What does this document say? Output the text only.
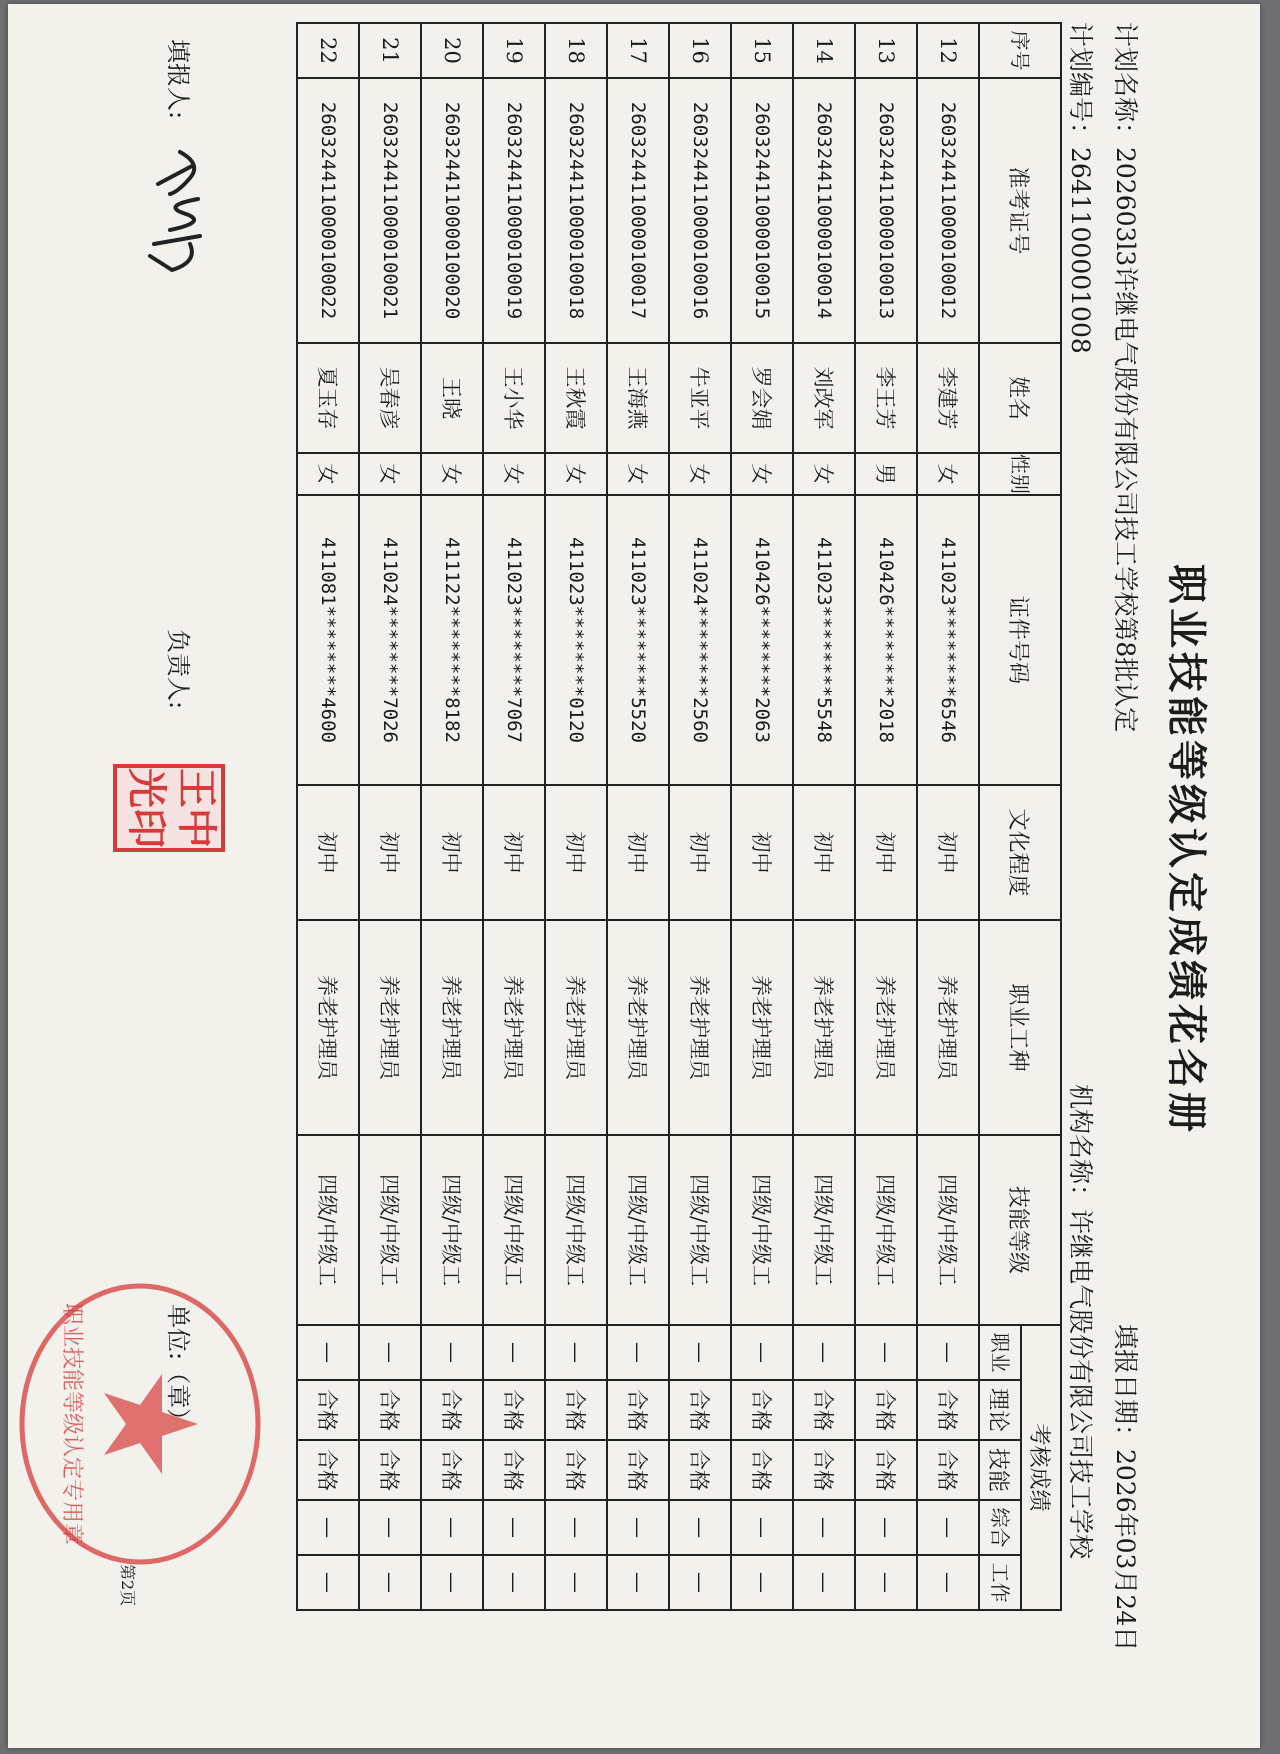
职业技能等级认定成绩花名册
计划名称：202603l3许继电气股份有限公司技工学校第8批认定
计划编号：2641100001008
填报日期：2026年03月24日
机构名称：许继电气股份有限公司技工学校
序号	准考证号	姓名	性别	证件号码	文化程度	职业工种	技能等级	考核成绩				
								职业	理论	技能	综合	工作
12	2603244110000100012	李建芳	女	411023********6546	初中	养老护理员	四级/中级工	—	合格	合格	—	—
13	2603244110000100013	李王芳	男	410426********2018	初中	养老护理员	四级/中级工	—	合格	合格	—	—
14	2603244110000100014	刘改军	女	411023********5548	初中	养老护理员	四级/中级工	—	合格	合格	—	—
15	2603244110000100015	罗会娟	女	410426********2063	初中	养老护理员	四级/中级工	—	合格	合格	—	—
16	2603244110000100016	牛亚平	女	411024********2560	初中	养老护理员	四级/中级工	—	合格	合格	—	—
17	2603244110000100017	王海燕	女	411023********5520	初中	养老护理员	四级/中级工	—	合格	合格	—	—
18	2603244110000100018	王秋霞	女	411023********0120	初中	养老护理员	四级/中级工	—	合格	合格	—	—
19	2603244110000100019	王小华	女	411023********7067	初中	养老护理员	四级/中级工	—	合格	合格	—	—
20	2603244110000100020	王晓	女	411122********8182	初中	养老护理员	四级/中级工	—	合格	合格	—	—
21	2603244110000100021	吴春彦	女	411024********7026	初中	养老护理员	四级/中级工	—	合格	合格	—	—
22	2603244110000100022	夏玉存	女	411081********4600	初中	养老护理员	四级/中级工	—	合格	合格	—	—
填报人:
负责人:
王中
光印
单位:（章）
第2页
职业技能等级认定专用章
